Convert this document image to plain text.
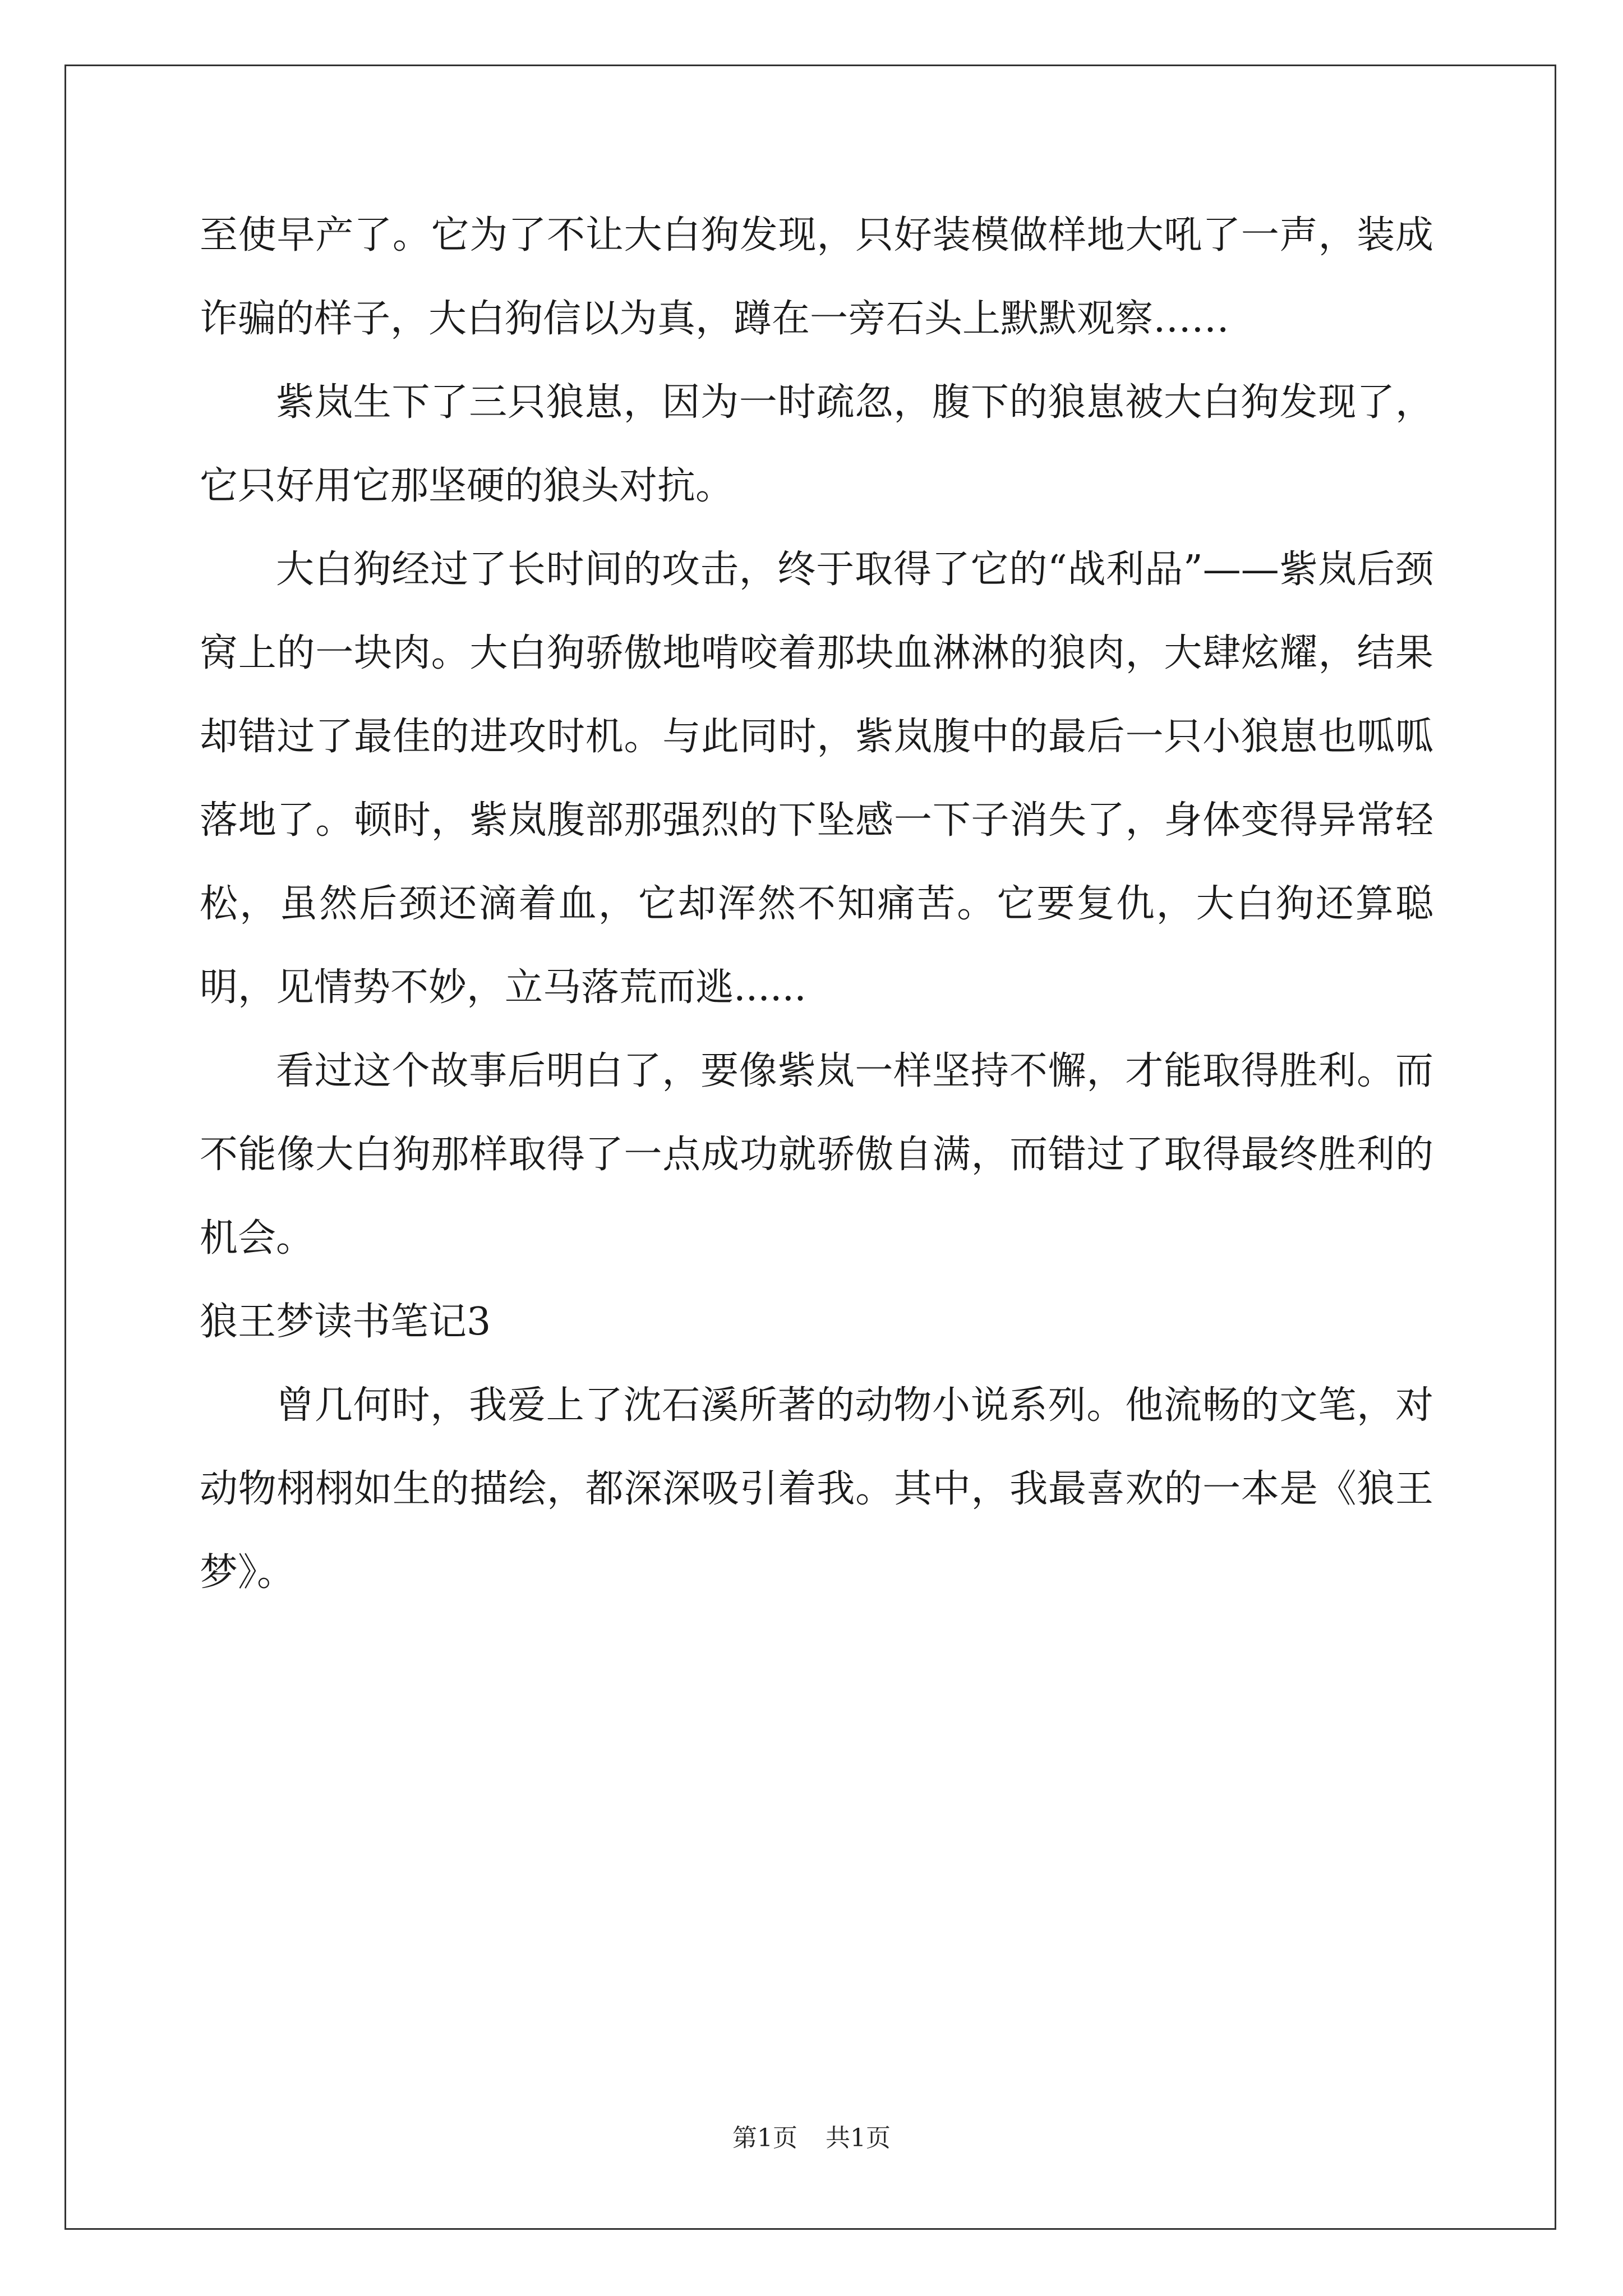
至使早产了。它为了不让大白狗发现，只好装模做样地大吼了一声，装成诈骗的样子，大白狗信以为真，蹲在一旁石头上默默观察……

紫岚生下了三只狼崽，因为一时疏忽，腹下的狼崽被大白狗发现了，它只好用它那坚硬的狼头对抗。

大白狗经过了长时间的攻击，终于取得了它的“战利品”——紫岚后颈窝上的一块肉。大白狗骄傲地啃咬着那块血淋淋的狼肉，大肆炫耀，结果却错过了最佳的进攻时机。与此同时，紫岚腹中的最后一只小狼崽也呱呱落地了。顿时，紫岚腹部那强烈的下坠感一下子消失了，身体变得异常轻松，虽然后颈还滴着血，它却浑然不知痛苦。它要复仇，大白狗还算聪明，见情势不妙，立马落荒而逃......

看过这个故事后明白了，要像紫岚一样坚持不懈，才能取得胜利。而不能像大白狗那样取得了一点成功就骄傲自满，而错过了取得最终胜利的机会。

狼王梦读书笔记3

曾几何时，我爱上了沈石溪所著的动物小说系列。他流畅的文笔，对动物栩栩如生的描绘，都深深吸引着我。其中，我最喜欢的一本是《狼王梦》。

第1页 共1页
